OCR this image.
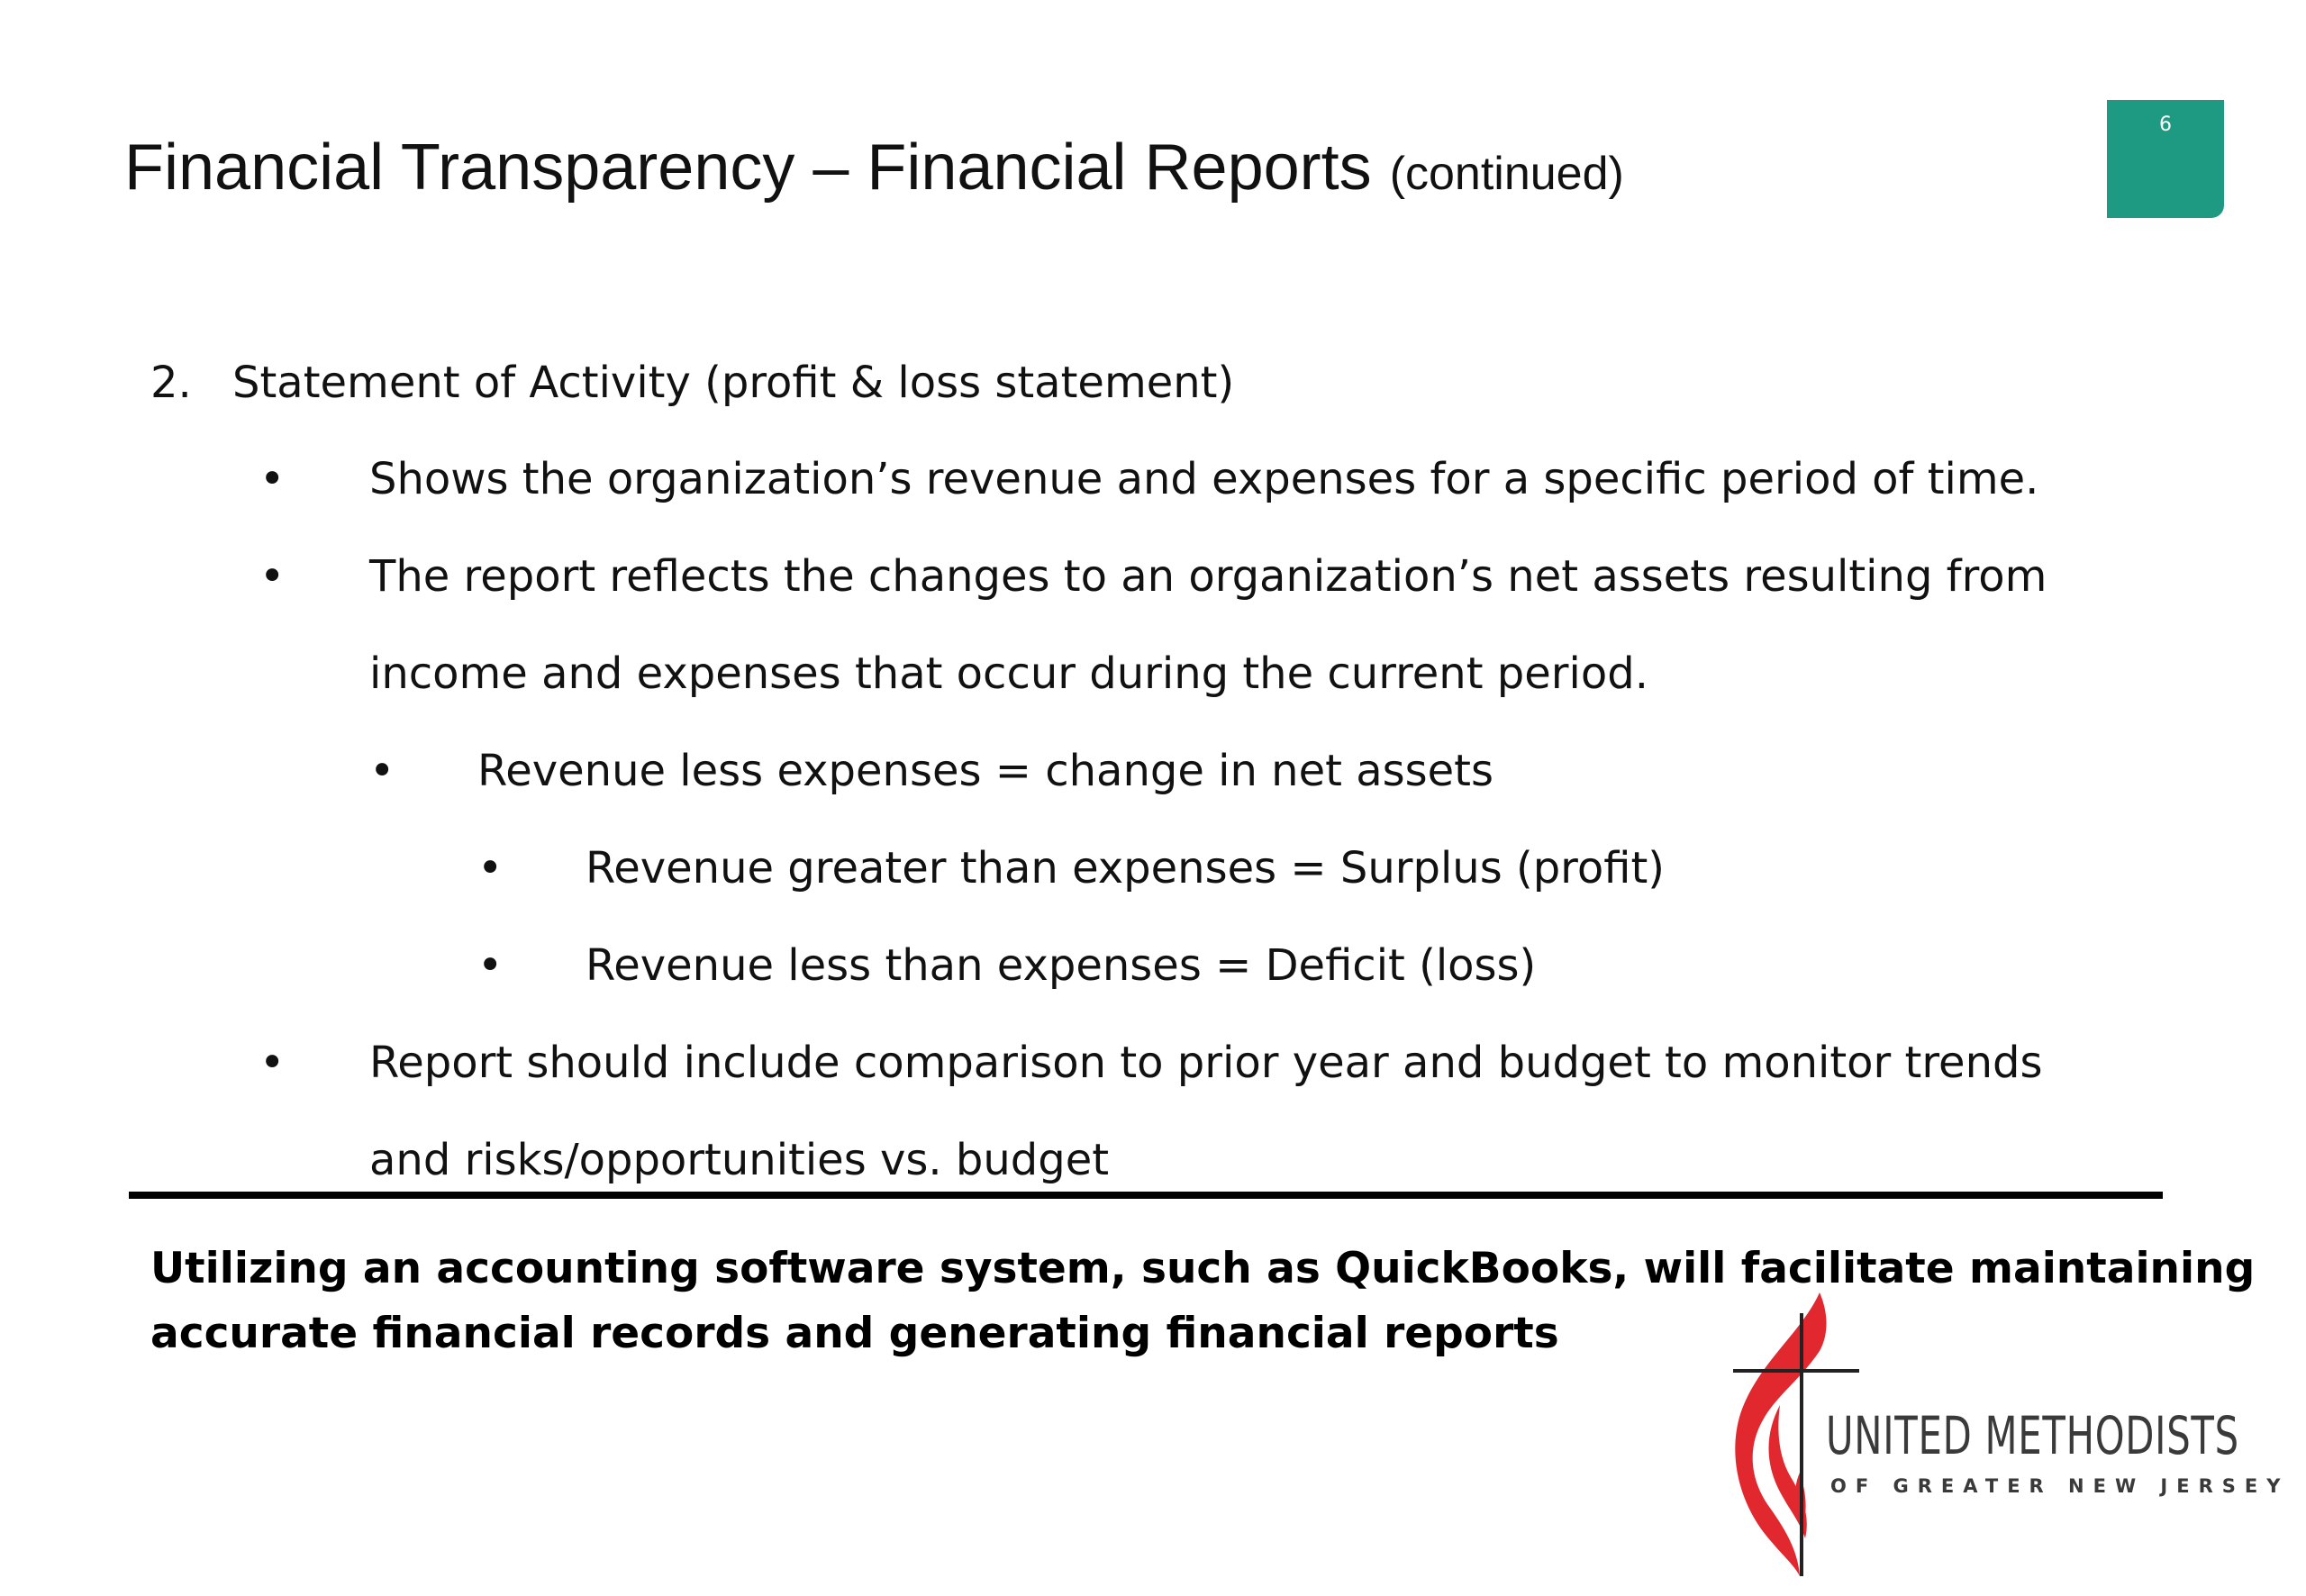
Financial Transparency – Financial Reports (continued)
6
2. Statement of Activity (profit & loss statement)
• Shows the organization’s revenue and expenses for a specific period of time.
• The report reflects the changes to an organization’s net assets resulting from
income and expenses that occur during the current period.
• Revenue less expenses = change in net assets
• Revenue greater than expenses = Surplus (profit)
• Revenue less than expenses = Deficit (loss)
• Report should include comparison to prior year and budget to monitor trends
and risks/opportunities vs. budget
Utilizing an accounting software system, such as QuickBooks, will facilitate maintaining
accurate financial records and generating financial reports
UNITED METHODISTS
OF GREATER NEW JERSEY
